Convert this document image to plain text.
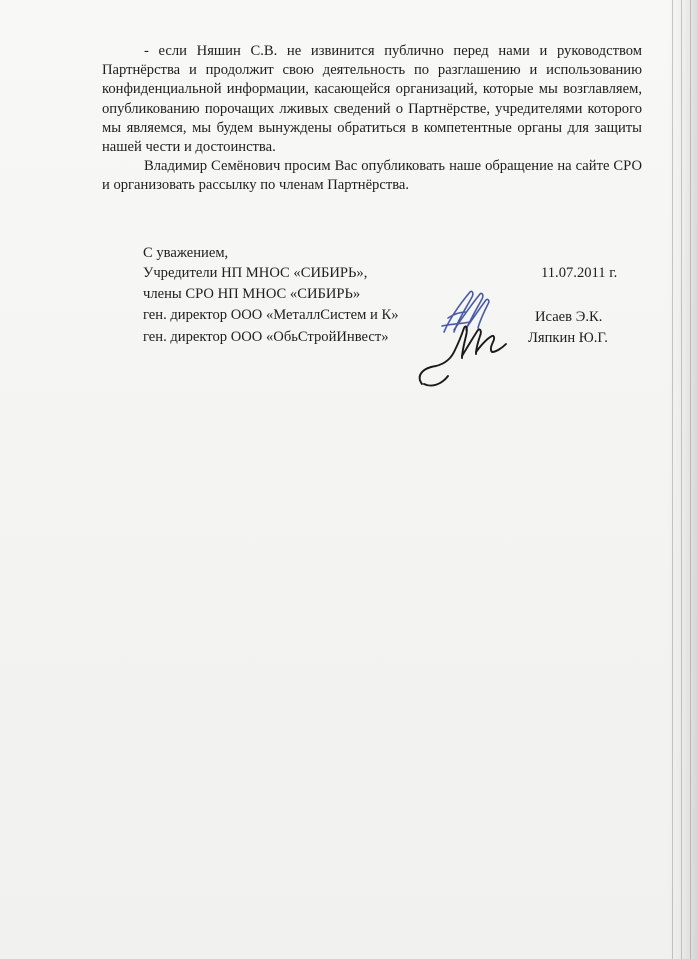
- если Няшин С.В. не извинится публично перед нами и руководством Партнёрства и продолжит свою деятельность по разглашению и использованию конфиденциальной информации, касающейся организаций, которые мы возглавляем, опубликованию порочащих лживых сведений о Партнёрстве, учредителями которого мы являемся, мы будем вынуждены обратиться в компетентные органы для защиты нашей чести и достоинства.

Владимир Семёнович просим Вас опубликовать наше обращение на сайте СРО и организовать рассылку по членам Партнёрства.

С уважением,
Учредители НП МНОС «СИБИРЬ»,
члены СРО НП МНОС «СИБИРЬ»
ген. директор ООО «МеталлСистем и К»
ген. директор ООО «ОбьСтройИнвест»
11.07.2011 г.
Исаев Э.К.
Ляпкин Ю.Г.
